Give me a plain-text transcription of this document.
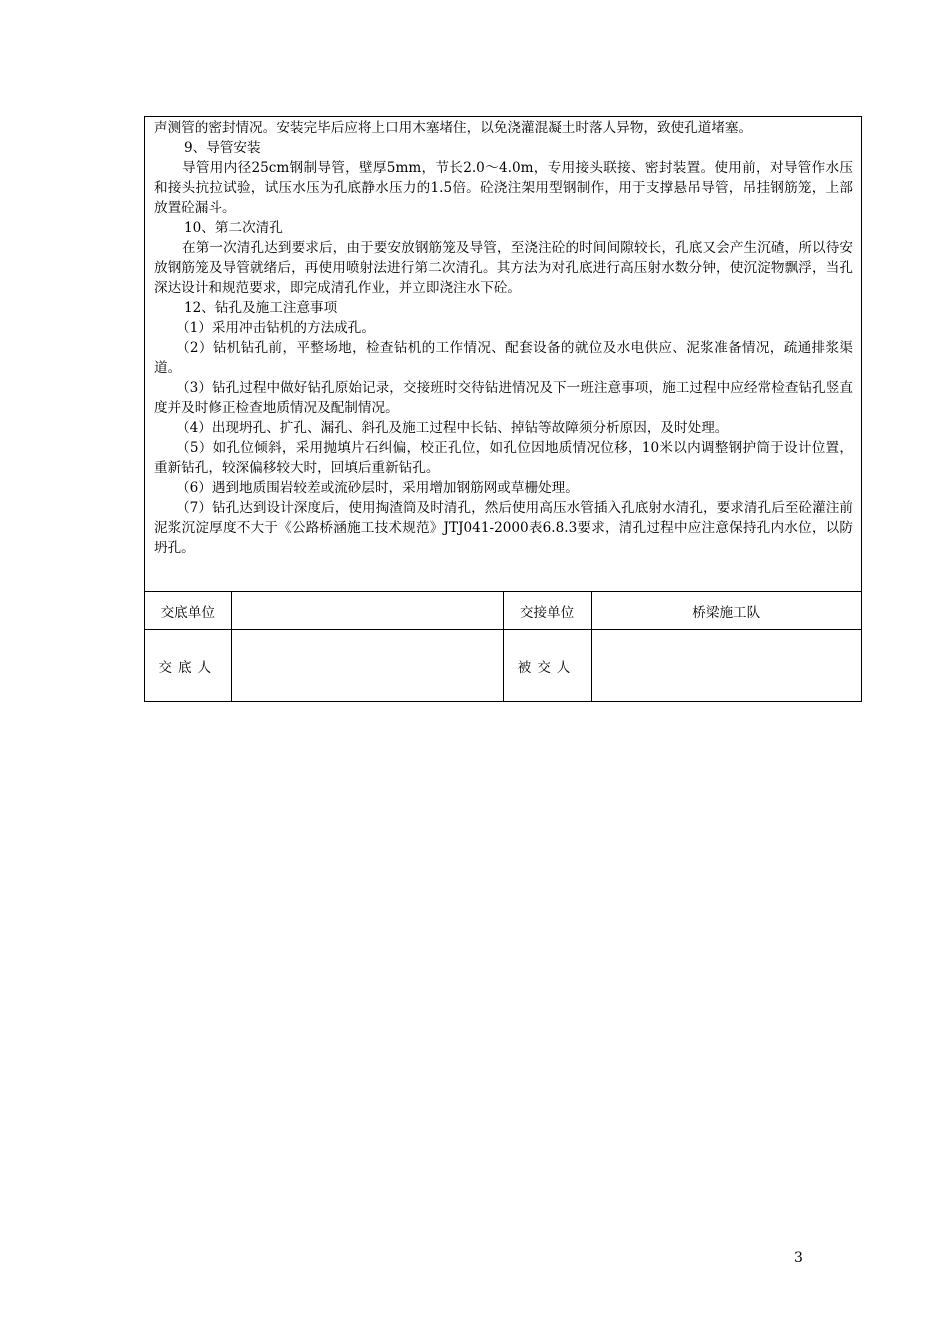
声测管的密封情况。安装完毕后应将上口用木塞堵住，以免浇灌混凝土时落人异物，致使孔道堵塞。

9、导管安装

导管用内径25cm钢制导管，壁厚5mm，节长2.0～4.0m，专用接头联接、密封装置。使用前，对导管作水压和接头抗拉试验，试压水压为孔底静水压力的1.5倍。砼浇注架用型钢制作，用于支撑悬吊导管，吊挂钢筋笼，上部放置砼漏斗。

10、第二次清孔

在第一次清孔达到要求后，由于要安放钢筋笼及导管，至浇注砼的时间间隙较长，孔底又会产生沉碴，所以待安放钢筋笼及导管就绪后，再使用喷射法进行第二次清孔。其方法为对孔底进行高压射水数分钟，使沉淀物飘浮，当孔深达设计和规范要求，即完成清孔作业，并立即浇注水下砼。

12、钻孔及施工注意事项

（1）采用冲击钻机的方法成孔。

（2）钻机钻孔前，平整场地，检查钻机的工作情况、配套设备的就位及水电供应、泥浆准备情况，疏通排浆渠道。

（3）钻孔过程中做好钻孔原始记录，交接班时交待钻进情况及下一班注意事项，施工过程中应经常检查钻孔竖直度并及时修正检查地质情况及配制情况。

（4）出现坍孔、扩孔、漏孔、斜孔及施工过程中长钻、掉钻等故障须分析原因，及时处理。

（5）如孔位倾斜，采用抛填片石纠偏，校正孔位，如孔位因地质情况位移，10米以内调整钢护筒于设计位置，重新钻孔，较深偏移较大时，回填后重新钻孔。

（6）遇到地质围岩较差或流砂层时，采用增加钢筋网或草栅处理。

（7）钻孔达到设计深度后，使用掏渣筒及时清孔，然后使用高压水管插入孔底射水清孔，要求清孔后至砼灌注前泥浆沉淀厚度不大于《公路桥涵施工技术规范》JTJ041-2000表6.8.3要求，清孔过程中应注意保持孔内水位，以防坍孔。

交底单位		交接单位	桥梁施工队
交底人		被交人	
3
